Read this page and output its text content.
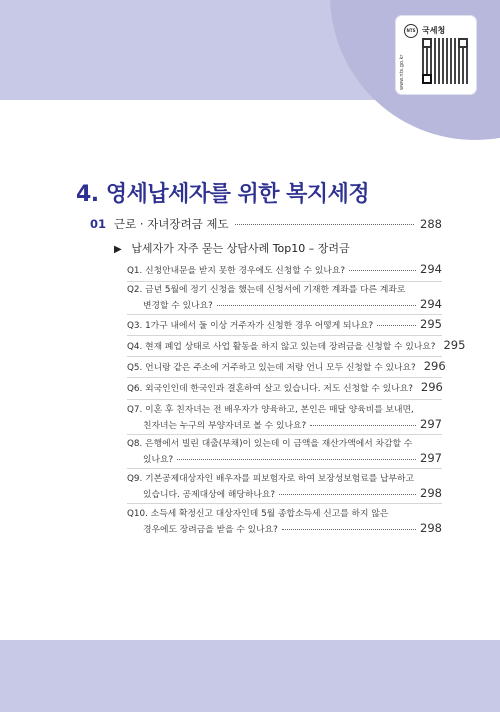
NTS 국세청
www.nts.go.kr
4. 영세납세자를 위한 복지세정
01 근로 · 자녀장려금 제도	288
▶ 납세자가 자주 묻는 상담사례 Top10 – 장려금
Q1. 신청안내문을 받지 못한 경우에도 신청할 수 있나요?	294
Q2. 금년 5월에 정기 신청을 했는데 신청서에 기재한 계좌를 다른 계좌로
변경할 수 있나요?	294
Q3. 1가구 내에서 둘 이상 거주자가 신청한 경우 어떻게 되나요?	295
Q4. 현재 폐업 상태로 사업 활동을 하지 않고 있는데 장려금을 신청할 수 있나요? 295
Q5. 언니랑 같은 주소에 거주하고 있는데 저랑 언니 모두 신청할 수 있나요? 296
Q6. 외국인인데 한국인과 결혼하여 살고 있습니다. 저도 신청할 수 있나요? 296
Q7. 이혼 후 친자녀는 전 배우자가 양육하고, 본인은 매달 양육비를 보내면,
친자녀는 누구의 부양자녀로 볼 수 있나요?	297
Q8. 은행에서 빌린 대출(부채)이 있는데 이 금액을 재산가액에서 차감할 수
있나요?	297
Q9. 기본공제대상자인 배우자를 피보험자로 하여 보장성보험료를 납부하고
있습니다. 공제대상에 해당하나요?	298
Q10. 소득세 확정신고 대상자인데 5월 종합소득세 신고를 하지 않은
경우에도 장려금을 받을 수 있나요?	298
